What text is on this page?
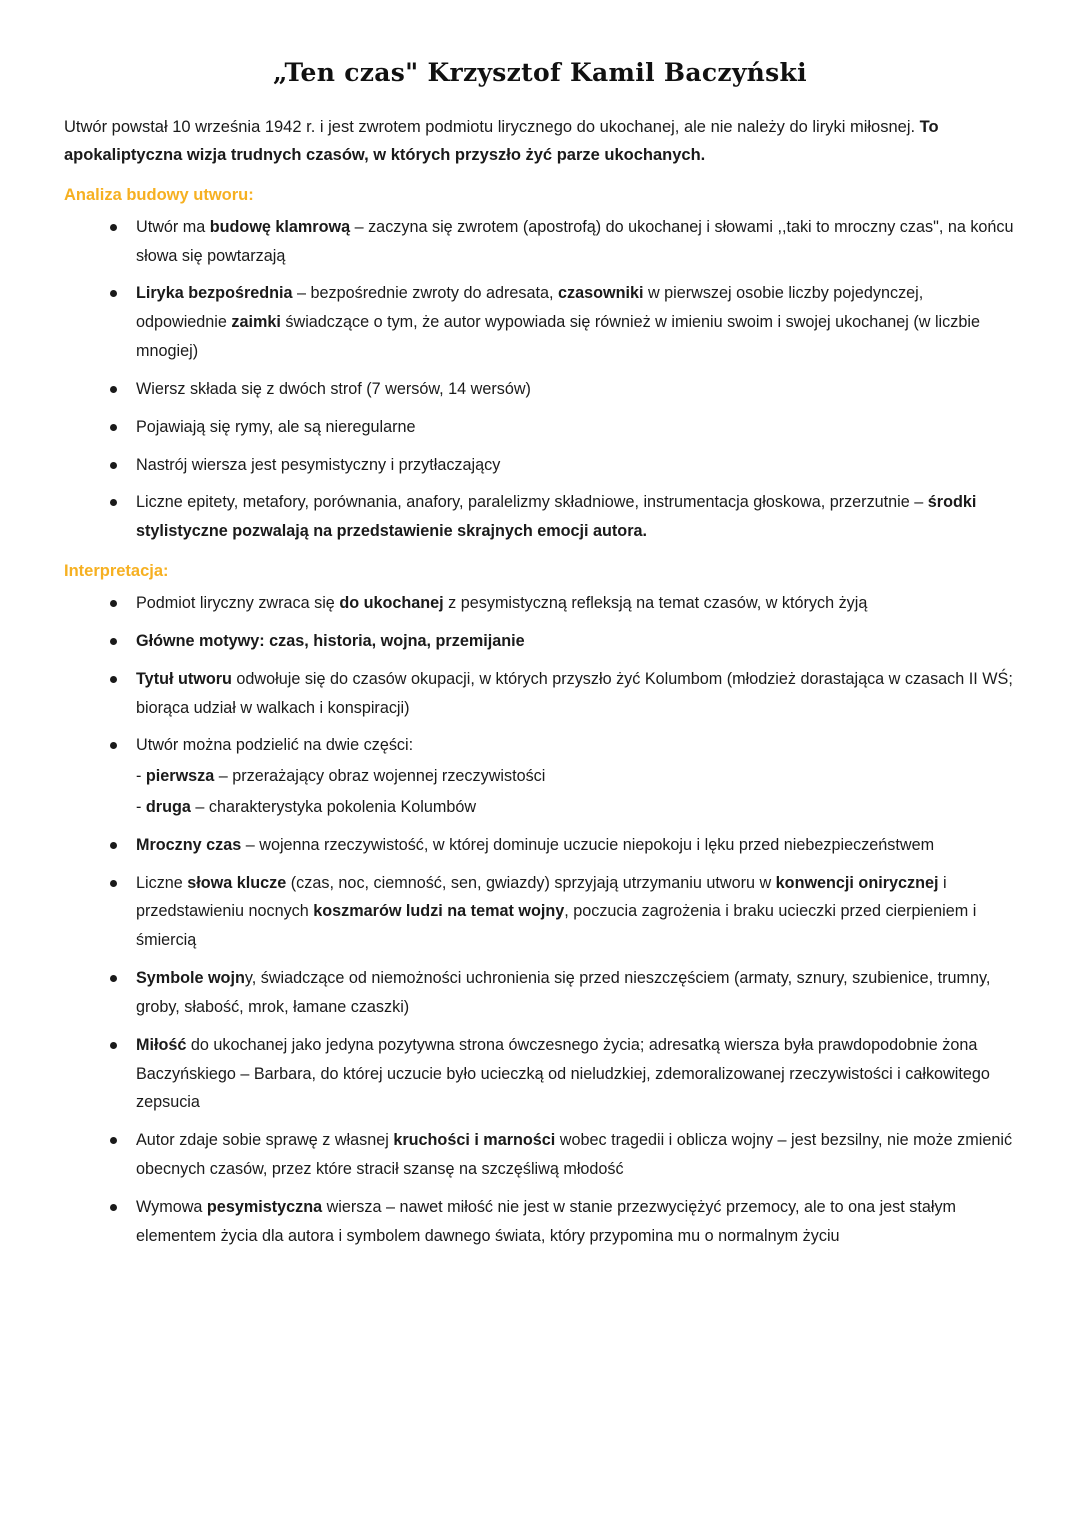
„Ten czas" Krzysztof Kamil Baczyński

Utwór powstał 10 września 1942 r. i jest zwrotem podmiotu lirycznego do ukochanej, ale nie należy do liryki miłosnej. To apokaliptyczna wizja trudnych czasów, w których przyszło żyć parze ukochanych.

Analiza budowy utworu:
Utwór ma budowę klamrową – zaczyna się zwrotem (apostrofą) do ukochanej i słowami ,,taki to mroczny czas", na końcu słowa się powtarzają
Liryka bezpośrednia – bezpośrednie zwroty do adresata, czasowniki w pierwszej osobie liczby pojedynczej, odpowiednie zaimki świadczące o tym, że autor wypowiada się również w imieniu swoim i swojej ukochanej (w liczbie mnogiej)
Wiersz składa się z dwóch strof (7 wersów, 14 wersów)
Pojawiają się rymy, ale są nieregularne
Nastrój wiersza jest pesymistyczny i przytłaczający
Liczne epitety, metafory, porównania, anafory, paralelizmy składniowe, instrumentacja głoskowa, przerzutnie – środki stylistyczne pozwalają na przedstawienie skrajnych emocji autora.
Interpretacja:
Podmiot liryczny zwraca się do ukochanej z pesymistyczną refleksją na temat czasów, w których żyją
Główne motywy: czas, historia, wojna, przemijanie
Tytuł utworu odwołuje się do czasów okupacji, w których przyszło żyć Kolumbom (młodzież dorastająca w czasach II WŚ; biorąca udział w walkach i konspiracji)
Utwór można podzielić na dwie części:
- pierwsza – przerażający obraz wojennej rzeczywistości
- druga – charakterystyka pokolenia Kolumbów
Mroczny czas – wojenna rzeczywistość, w której dominuje uczucie niepokoju i lęku przed niebezpieczeństwem
Liczne słowa klucze (czas, noc, ciemność, sen, gwiazdy) sprzyjają utrzymaniu utworu w konwencji onirycznej i przedstawieniu nocnych koszmarów ludzi na temat wojny, poczucia zagrożenia i braku ucieczki przed cierpieniem i śmiercią
Symbole wojny, świadczące od niemożności uchronienia się przed nieszczęściem (armaty, sznury, szubienice, trumny, groby, słabość, mrok, łamane czaszki)
Miłość do ukochanej jako jedyna pozytywna strona ówczesnego życia; adresatką wiersza była prawdopodobnie żona Baczyńskiego – Barbara, do której uczucie było ucieczką od nieludzkiej, zdemoralizowanej rzeczywistości i całkowitego zepsucia
Autor zdaje sobie sprawę z własnej kruchości i marności wobec tragedii i oblicza wojny – jest bezsilny, nie może zmienić obecnych czasów, przez które stracił szansę na szczęśliwą młodość
Wymowa pesymistyczna wiersza – nawet miłość nie jest w stanie przezwyciężyć przemocy, ale to ona jest stałym elementem życia dla autora i symbolem dawnego świata, który przypomina mu o normalnym życiu
